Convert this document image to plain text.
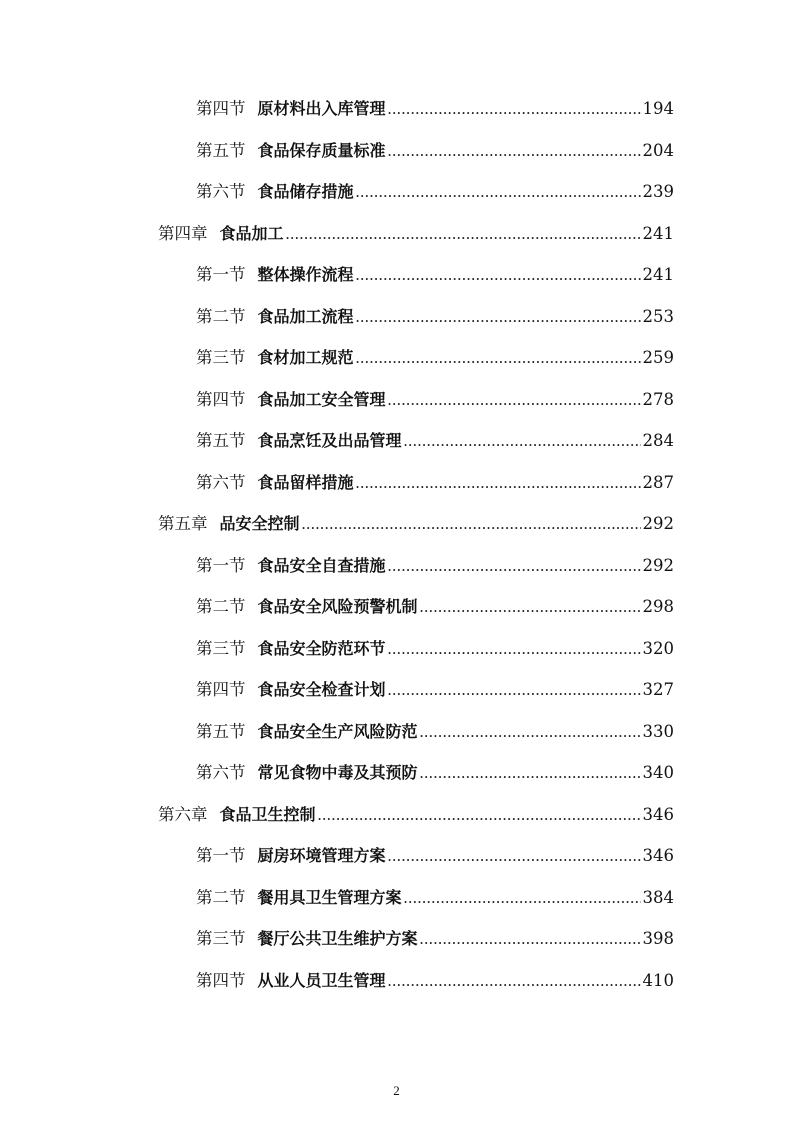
第四节 原材料出入库管理 .....	194
第五节 食品保存质量标准 .....	204
第六节 食品储存措施 .....	239
第四章 食品加工 .....	241
第一节 整体操作流程 .....	241
第二节 食品加工流程 .....	253
第三节 食材加工规范 .....	259
第四节 食品加工安全管理 .....	278
第五节 食品烹饪及出品管理 .....	284
第六节 食品留样措施 .....	287
第五章 品安全控制 .....	292
第一节 食品安全自查措施 .....	292
第二节 食品安全风险预警机制 .....	298
第三节 食品安全防范环节 .....	320
第四节 食品安全检查计划 .....	327
第五节 食品安全生产风险防范 .....	330
第六节 常见食物中毒及其预防 .....	340
第六章 食品卫生控制 .....	346
第一节 厨房环境管理方案 .....	346
第二节 餐用具卫生管理方案 .....	384
第三节 餐厅公共卫生维护方案 .....	398
第四节 从业人员卫生管理 .....	410
2
